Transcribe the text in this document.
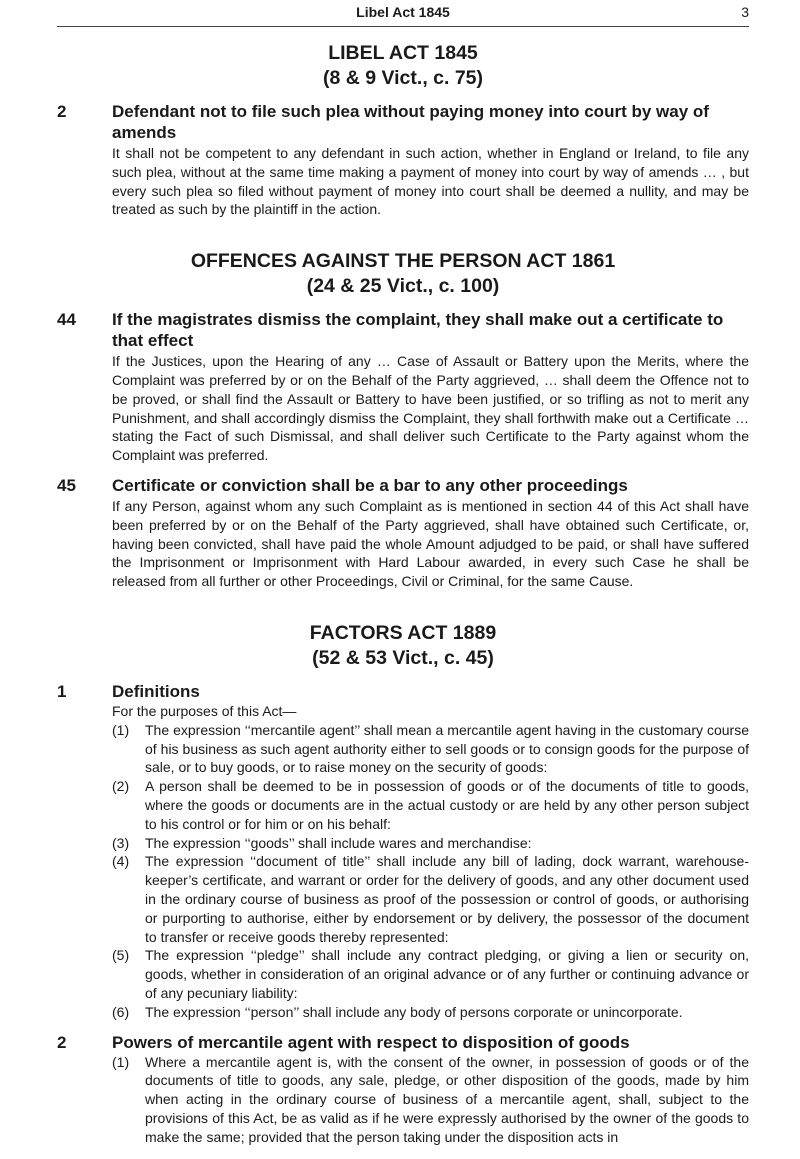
Libel Act 1845	3
LIBEL ACT 1845
(8 & 9 Vict., c. 75)
2	Defendant not to file such plea without paying money into court by way of amends
It shall not be competent to any defendant in such action, whether in England or Ireland, to file any such plea, without at the same time making a payment of money into court by way of amends … , but every such plea so filed without payment of money into court shall be deemed a nullity, and may be treated as such by the plaintiff in the action.
OFFENCES AGAINST THE PERSON ACT 1861
(24 & 25 Vict., c. 100)
44 If the magistrates dismiss the complaint, they shall make out a certificate to that effect
If the Justices, upon the Hearing of any … Case of Assault or Battery upon the Merits, where the Complaint was preferred by or on the Behalf of the Party aggrieved, … shall deem the Offence not to be proved, or shall find the Assault or Battery to have been justified, or so trifling as not to merit any Punishment, and shall accordingly dismiss the Complaint, they shall forthwith make out a Certificate … stating the Fact of such Dismissal, and shall deliver such Certificate to the Party against whom the Complaint was preferred.
45 Certificate or conviction shall be a bar to any other proceedings
If any Person, against whom any such Complaint as is mentioned in section 44 of this Act shall have been preferred by or on the Behalf of the Party aggrieved, shall have obtained such Certificate, or, having been convicted, shall have paid the whole Amount adjudged to be paid, or shall have suffered the Imprisonment or Imprisonment with Hard Labour awarded, in every such Case he shall be released from all further or other Proceedings, Civil or Criminal, for the same Cause.
FACTORS ACT 1889
(52 & 53 Vict., c. 45)
1	Definitions
For the purposes of this Act—
(1) The expression ‘‘mercantile agent’’ shall mean a mercantile agent having in the customary course of his business as such agent authority either to sell goods or to consign goods for the purpose of sale, or to buy goods, or to raise money on the security of goods:
(2) A person shall be deemed to be in possession of goods or of the documents of title to goods, where the goods or documents are in the actual custody or are held by any other person subject to his control or for him or on his behalf:
(3) The expression ‘‘goods’’ shall include wares and merchandise:
(4) The expression ‘‘document of title’’ shall include any bill of lading, dock warrant, warehouse-keeper’s certificate, and warrant or order for the delivery of goods, and any other document used in the ordinary course of business as proof of the possession or control of goods, or authorising or purporting to authorise, either by endorsement or by delivery, the possessor of the document to transfer or receive goods thereby represented:
(5) The expression ‘‘pledge’’ shall include any contract pledging, or giving a lien or security on, goods, whether in consideration of an original advance or of any further or continuing advance or of any pecuniary liability:
(6) The expression ‘‘person’’ shall include any body of persons corporate or unincorporate.
2	Powers of mercantile agent with respect to disposition of goods
(1) Where a mercantile agent is, with the consent of the owner, in possession of goods or of the documents of title to goods, any sale, pledge, or other disposition of the goods, made by him when acting in the ordinary course of business of a mercantile agent, shall, subject to the provisions of this Act, be as valid as if he were expressly authorised by the owner of the goods to make the same; provided that the person taking under the disposition acts in
